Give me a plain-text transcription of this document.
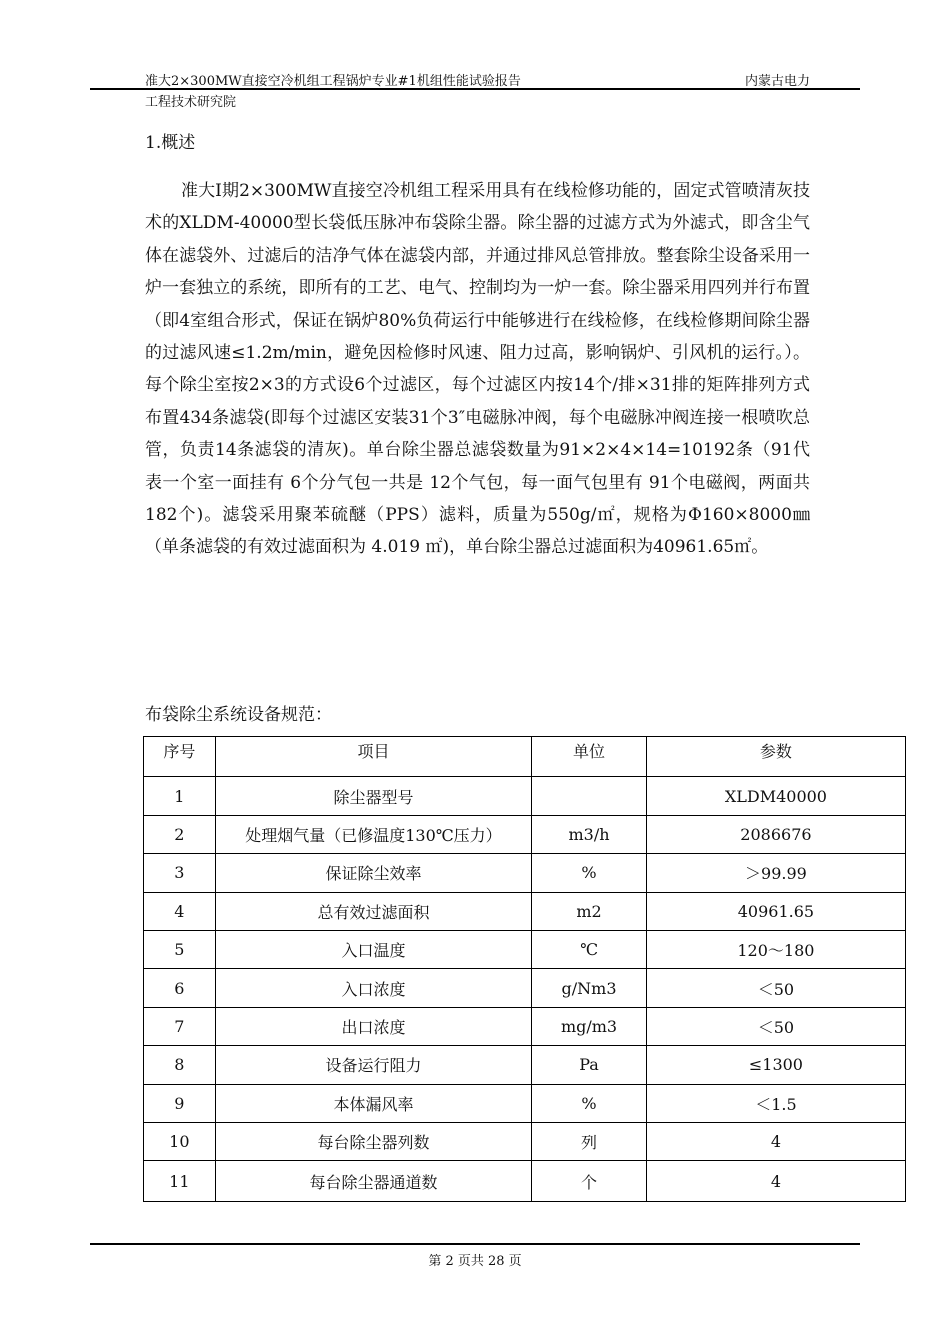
准大2×300MW直接空冷机组工程锅炉专业#1机组性能试验报告	内蒙古电力
工程技术研究院
1.概述

准大Ⅰ期2×300MW直接空冷机组工程采用具有在线检修功能的，固定式管喷清灰技术的XLDM-40000型长袋低压脉冲布袋除尘器。除尘器的过滤方式为外滤式，即含尘气体在滤袋外、过滤后的洁净气体在滤袋内部，并通过排风总管排放。整套除尘设备采用一炉一套独立的系统，即所有的工艺、电气、控制均为一炉一套。除尘器采用四列并行布置（即4室组合形式，保证在锅炉80%负荷运行中能够进行在线检修，在线检修期间除尘器的过滤风速≤1.2m/min，避免因检修时风速、阻力过高，影响锅炉、引风机的运行。）。每个除尘室按2×3的方式设6个过滤区，每个过滤区内按14个/排×31排的矩阵排列方式布置434条滤袋(即每个过滤区安装31个3″电磁脉冲阀，每个电磁脉冲阀连接一根喷吹总管，负责14条滤袋的清灰)。单台除尘器总滤袋数量为91×2×4×14=10192条（91代表一个室一面挂有 6个分气包一共是 12个气包，每一面气包里有 91个电磁阀，两面共182个)。滤袋采用聚苯硫醚（PPS）滤料，质量为550g/㎡，规格为Φ160×8000㎜（单条滤袋的有效过滤面积为 4.019 ㎡)，单台除尘器总过滤面积为40961.65㎡。

布袋除尘系统设备规范：
序号	项目	单位	参数
1	除尘器型号		XLDM40000
2	处理烟气量（已修温度130℃压力）	m3/h	2086676
3	保证除尘效率	%	＞99.99
4	总有效过滤面积	m2	40961.65
5	入口温度	℃	120～180
6	入口浓度	g/Nm3	＜50
7	出口浓度	mg/m3	＜50
8	设备运行阻力	Pa	≤1300
9	本体漏风率	%	＜1.5
10	每台除尘器列数	列	4
11	每台除尘器通道数	个	4
第 2 页共 28 页
